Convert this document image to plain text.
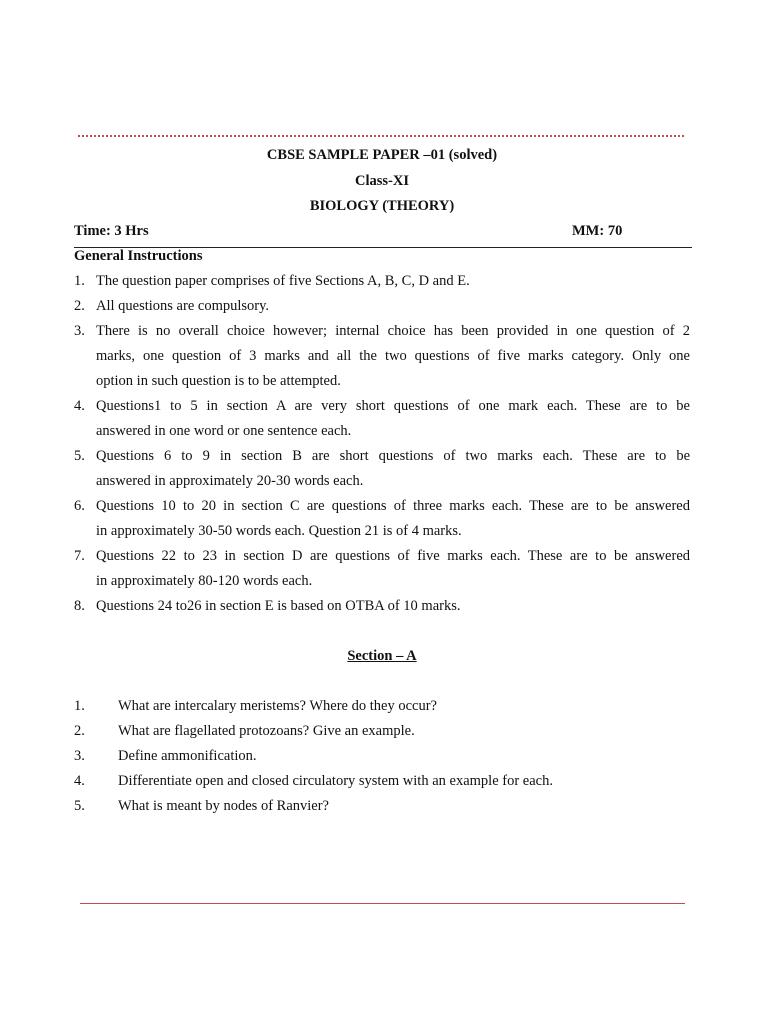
CBSE SAMPLE PAPER –01 (solved)
Class-XI
BIOLOGY (THEORY)
Time: 3 Hrs	MM: 70
General Instructions
1. The question paper comprises of five Sections A, B, C, D and E.
2. All questions are compulsory.
3. There is no overall choice however; internal choice has been provided in one question of 2
marks, one question of 3 marks and all the two questions of five marks category. Only one
option in such question is to be attempted.
4. Questions1 to 5 in section A are very short questions of one mark each. These are to be
answered in one word or one sentence each.
5. Questions 6 to 9 in section B are short questions of two marks each. These are to be
answered in approximately 20-30 words each.
6. Questions 10 to 20 in section C are questions of three marks each. These are to be answered
in approximately 30-50 words each. Question 21 is of 4 marks.
7. Questions 22 to 23 in section D are questions of five marks each. These are to be answered
in approximately 80-120 words each.
8. Questions 24 to26 in section E is based on OTBA of 10 marks.
Section – A
1. What are intercalary meristems? Where do they occur?
2. What are flagellated protozoans? Give an example.
3. Define ammonification.
4. Differentiate open and closed circulatory system with an example for each.
5. What is meant by nodes of Ranvier?
